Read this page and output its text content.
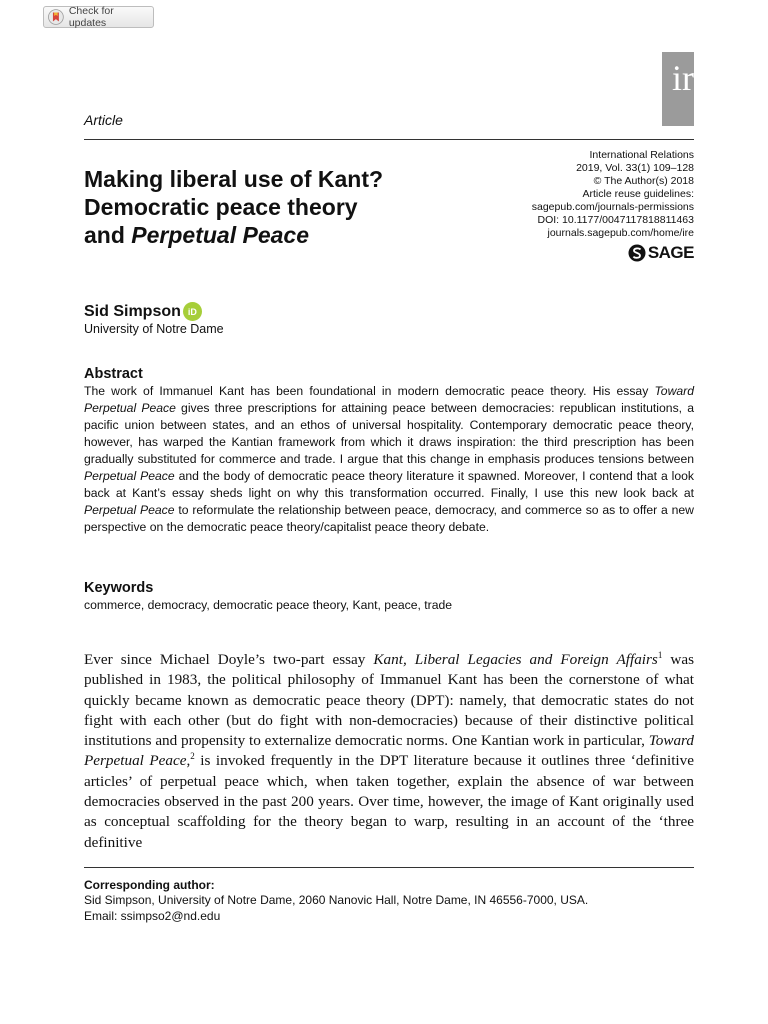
Check for updates
ir
Article
Making liberal use of Kant?
Democratic peace theory
and Perpetual Peace
International Relations
2019, Vol. 33(1) 109–128
© The Author(s) 2018
Article reuse guidelines:
sagepub.com/journals-permissions
DOI: 10.1177/0047117818811463
journals.sagepub.com/home/ire
SAGE
Sid Simpson iD
University of Notre Dame
Abstract

The work of Immanuel Kant has been foundational in modern democratic peace theory. His essay Toward Perpetual Peace gives three prescriptions for attaining peace between democracies: republican institutions, a pacific union between states, and an ethos of universal hospitality. Contemporary democratic peace theory, however, has warped the Kantian framework from which it draws inspiration: the third prescription has been gradually substituted for commerce and trade. I argue that this change in emphasis produces tensions between Perpetual Peace and the body of democratic peace theory literature it spawned. Moreover, I contend that a look back at Kant’s essay sheds light on why this transformation occurred. Finally, I use this new look back at Perpetual Peace to reformulate the relationship between peace, democracy, and commerce so as to offer a new perspective on the democratic peace theory/capitalist peace theory debate.

Keywords
commerce, democracy, democratic peace theory, Kant, peace, trade

Ever since Michael Doyle’s two-part essay Kant, Liberal Legacies and Foreign Affairs$^1$ was published in 1983, the political philosophy of Immanuel Kant has been the cornerstone of what quickly became known as democratic peace theory (DPT): namely, that democratic states do not fight with each other (but do fight with non-democracies) because of their distinctive political institutions and propensity to externalize democratic norms. One Kantian work in particular, Toward Perpetual Peace,$^2$ is invoked frequently in the DPT literature because it outlines three ‘definitive articles’ of perpetual peace which, when taken together, explain the absence of war between democracies observed in the past 200 years. Over time, however, the image of Kant originally used as conceptual scaffolding for the theory began to warp, resulting in an account of the ‘three definitive

Corresponding author:
Sid Simpson, University of Notre Dame, 2060 Nanovic Hall, Notre Dame, IN 46556-7000, USA.
Email: ssimpso2@nd.edu
